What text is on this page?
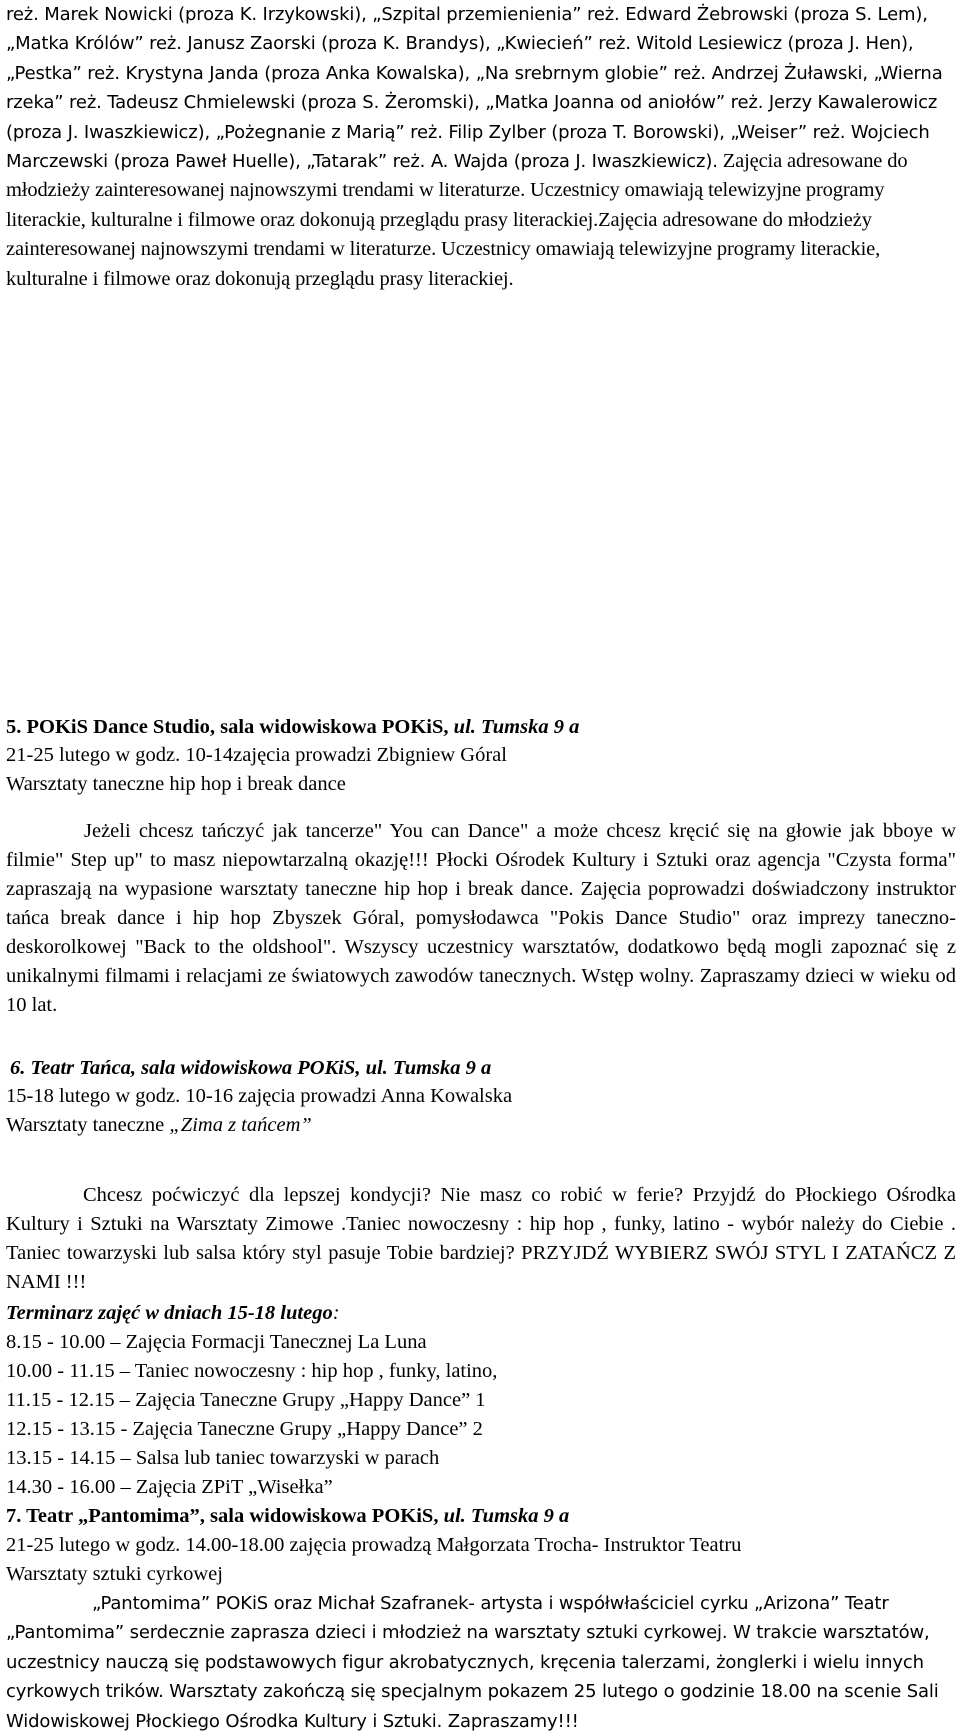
reż. Marek Nowicki (proza K. Irzykowski), „Szpital przemienienia” reż. Edward Żebrowski (proza S. Lem), „Matka Królów” reż. Janusz Zaorski (proza K. Brandys), „Kwiecień” reż. Witold Lesiewicz (proza J. Hen), „Pestka” reż. Krystyna Janda (proza Anka Kowalska), „Na srebrnym globie” reż. Andrzej Żuławski, „Wierna rzeka” reż. Tadeusz Chmielewski (proza S. Żeromski), „Matka Joanna od aniołów” reż. Jerzy Kawalerowicz (proza J. Iwaszkiewicz), „Pożegnanie z Marią” reż. Filip Zylber (proza T. Borowski), „Weiser” reż. Wojciech Marczewski (proza Paweł Huelle), „Tatarak” reż. A. Wajda (proza J. Iwaszkiewicz). Zajęcia adresowane do młodzieży zainteresowanej najnowszymi trendami w literaturze. Uczestnicy omawiają telewizyjne programy literackie, kulturalne i filmowe oraz dokonują przeglądu prasy literackiej.Zajęcia adresowane do młodzieży zainteresowanej najnowszymi trendami w literaturze. Uczestnicy omawiają telewizyjne programy literackie, kulturalne i filmowe oraz dokonują przeglądu prasy literackiej.

5. POKiS Dance Studio, sala widowiskowa POKiS, ul. Tumska 9 a
21-25 lutego w godz. 10-14zajęcia prowadzi Zbigniew Góral
Warsztaty taneczne hip hop i break dance

Jeżeli chcesz tańczyć jak tancerze" You can Dance" a może chcesz kręcić się na głowie jak bboye w filmie" Step up" to masz niepowtarzalną okazję!!! Płocki Ośrodek Kultury i Sztuki oraz agencja "Czysta forma" zapraszają na wypasione warsztaty taneczne hip hop i break dance. Zajęcia poprowadzi doświadczony instruktor tańca break dance i hip hop Zbyszek Góral, pomysłodawca "Pokis Dance Studio" oraz imprezy taneczno-deskorolkowej "Back to the oldshool". Wszyscy uczestnicy warsztatów, dodatkowo będą mogli zapoznać się z unikalnymi filmami i relacjami ze światowych zawodów tanecznych. Wstęp wolny. Zapraszamy dzieci w wieku od 10 lat.

6. Teatr Tańca, sala widowiskowa POKiS, ul. Tumska 9 a
15-18 lutego w godz. 10-16 zajęcia prowadzi Anna Kowalska
Warsztaty taneczne „Zima z tańcem”

Chcesz poćwiczyć dla lepszej kondycji? Nie masz co robić w ferie? Przyjdź do Płockiego Ośrodka Kultury i Sztuki na Warsztaty Zimowe .Taniec nowoczesny : hip hop , funky, latino - wybór należy do Ciebie . Taniec towarzyski lub salsa który styl pasuje Tobie bardziej? PRZYJDŹ WYBIERZ SWÓJ STYL I ZATAŃCZ Z NAMI !!!

Terminarz zajęć w dniach 15-18 lutego:
8.15 - 10.00 – Zajęcia Formacji Tanecznej La Luna
10.00 - 11.15 – Taniec nowoczesny : hip hop , funky, latino,
11.15 - 12.15 – Zajęcia Taneczne Grupy „Happy Dance” 1
12.15 - 13.15 - Zajęcia Taneczne Grupy „Happy Dance” 2
13.15 - 14.15 – Salsa lub taniec towarzyski w parach
14.30 - 16.00 – Zajęcia ZPiT „Wisełka”
7. Teatr „Pantomima”, sala widowiskowa POKiS, ul. Tumska 9 a
21-25 lutego w godz. 14.00-18.00 zajęcia prowadzą Małgorzata Trocha- Instruktor Teatru
Warsztaty sztuki cyrkowej

„Pantomima” POKiS oraz Michał Szafranek- artysta i współwłaściciel cyrku „Arizona” Teatr „Pantomima” serdecznie zaprasza dzieci i młodzież na warsztaty sztuki cyrkowej. W trakcie warsztatów, uczestnicy nauczą się podstawowych figur akrobatycznych, kręcenia talerzami, żonglerki i wielu innych cyrkowych trików. Warsztaty zakończą się specjalnym pokazem 25 lutego o godzinie 18.00 na scenie Sali Widowiskowej Płockiego Ośrodka Kultury i Sztuki. Zapraszamy!!!
